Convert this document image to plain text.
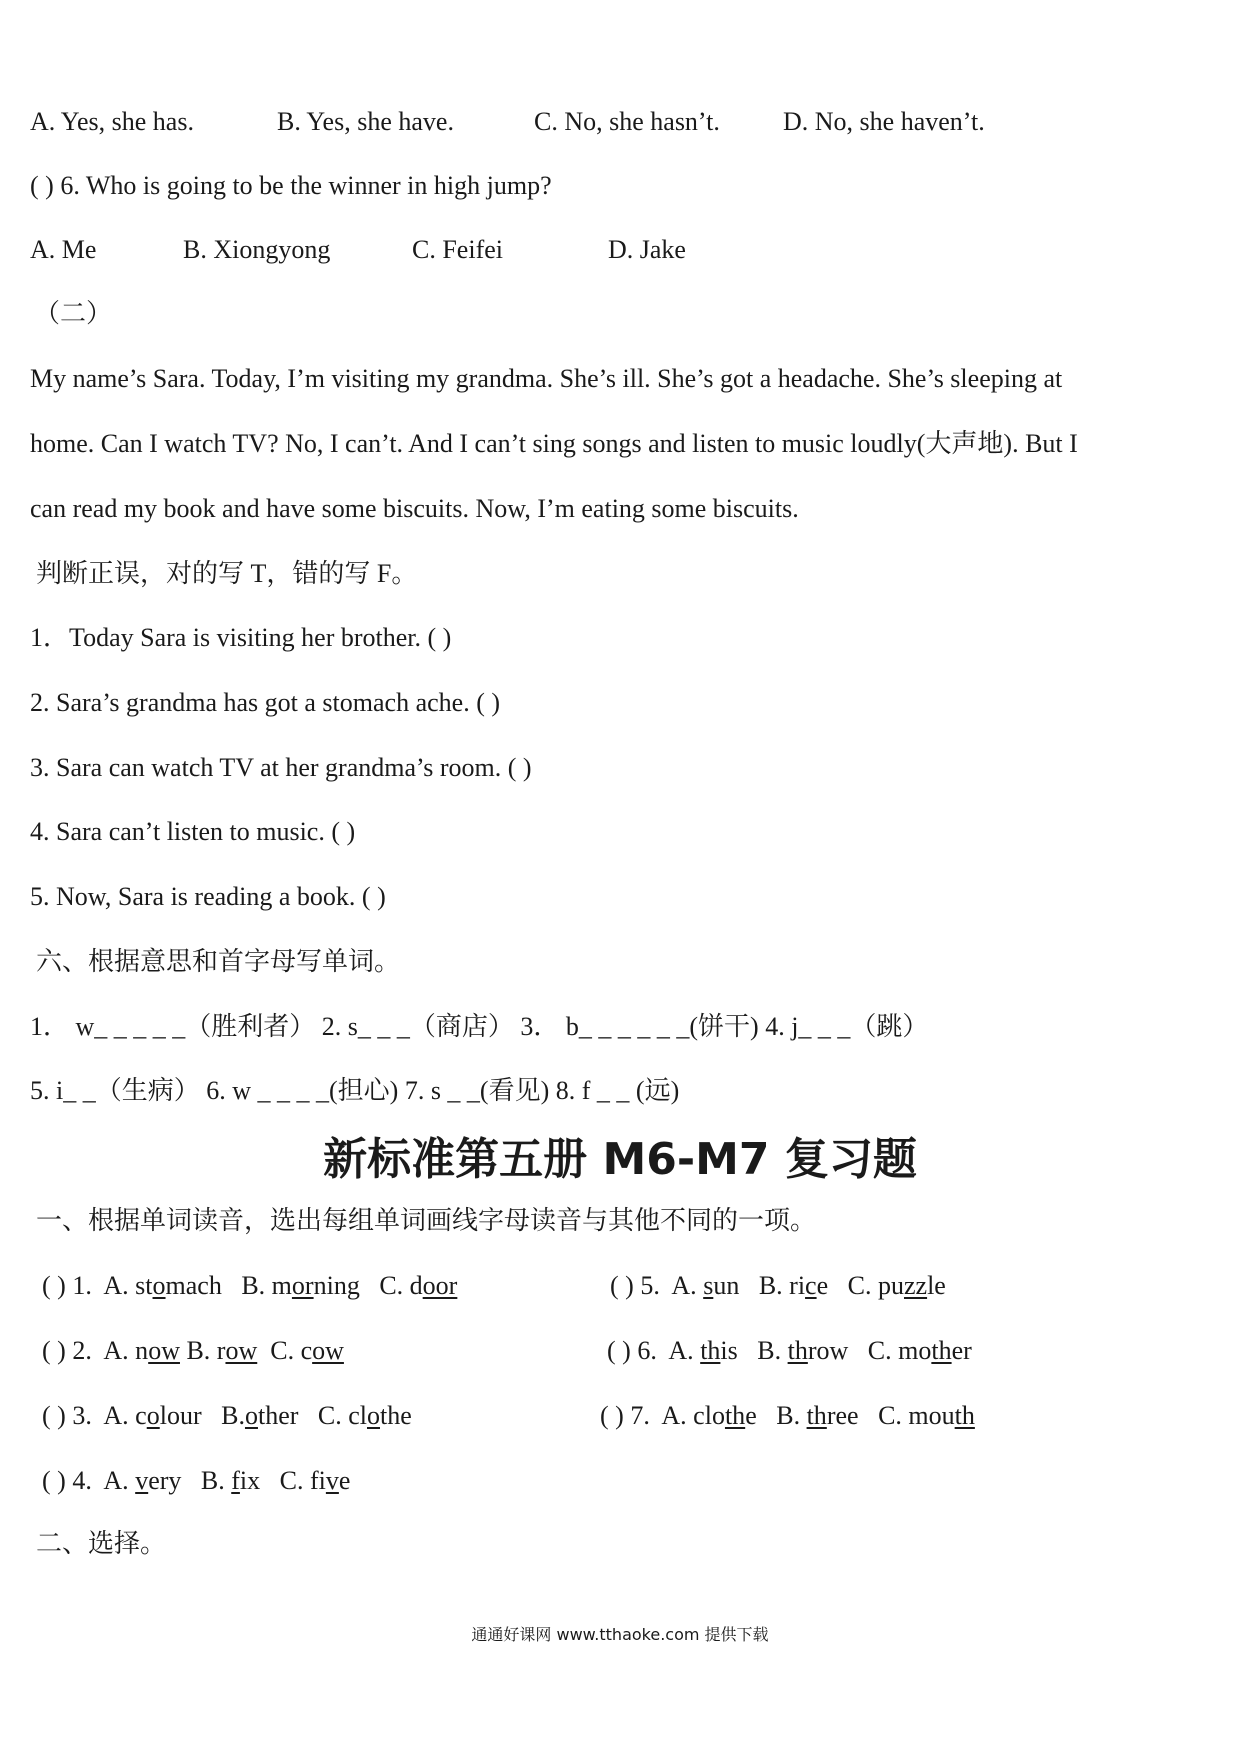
A. Yes, she has.	B. Yes, she have.	C. No, she hasn’t. D. No, she haven’t.
( ) 6. Who is going to be the winner in high jump?
A. Me	B. Xiongyong	C. Feifei	D. Jake
（二）
My name’s Sara. Today, I’m visiting my grandma. She’s ill. She’s got a headache. She’s sleeping at
home. Can I watch TV? No, I can’t. And I can’t sing songs and listen to music loudly(大声地). But I
can read my book and have some biscuits. Now, I’m eating some biscuits.
判断正误，对的写 T，错的写 F。
1．Today Sara is visiting her brother. ( )
2. Sara’s grandma has got a stomach ache. ( )
3. Sara can watch TV at her grandma’s room. ( )
4. Sara can’t listen to music. ( )
5. Now, Sara is reading a book. ( )
六、根据意思和首字母写单词。
1． w_ _ _ _ _（胜利者） 2. s_ _ _（商店） 3． b_ _ _ _ _ _(饼干) 4. j_ _ _（跳）
5. i_ _（生病） 6. w _ _ _ _(担心) 7. s _ _(看见) 8. f _ _ (远)
新标准第五册 M6-M7 复习题
一、根据单词读音，选出每组单词画线字母读音与其他不同的一项。
( ) 1. A. stomach B. morning C. door	( ) 5. A. sun B. rice C. puzzle
( ) 2. A. now B. row C. cow	( ) 6. A. this B. throw C. mother
( ) 3. A. colour B.other C. clothe	( ) 7. A. clothe B. three C. mouth
( ) 4. A. very B. fix C. five
二、选择。
通通好课网 www.tthaoke.com 提供下载
